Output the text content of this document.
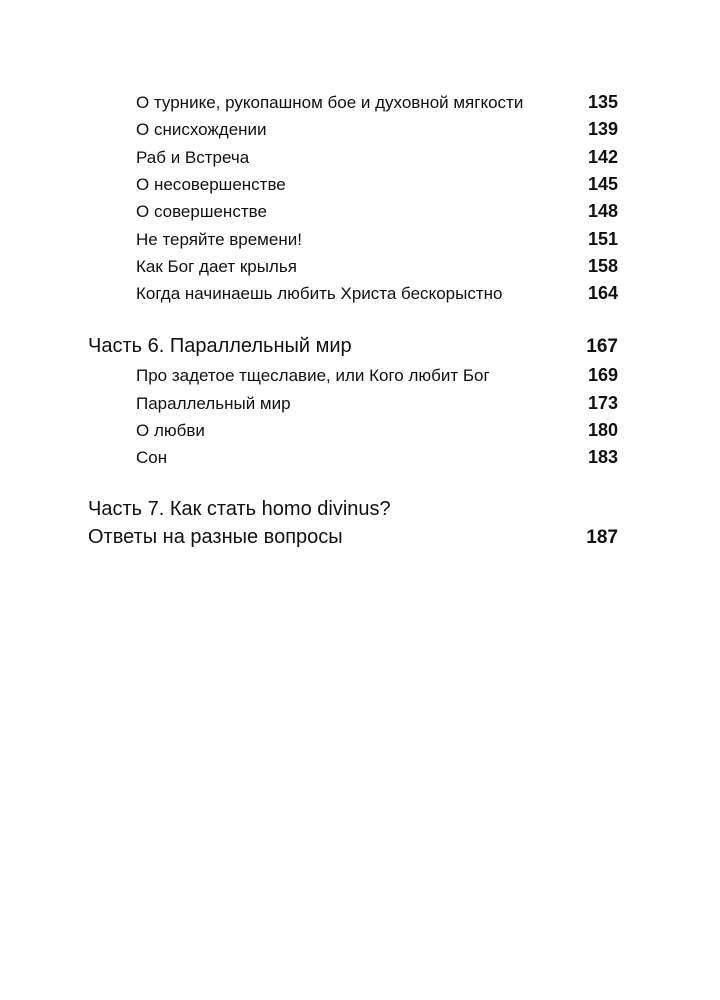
О турнике, рукопашном бое и духовной мягкости	135
О снисхождении	139
Раб и Встреча	142
О несовершенстве	145
О совершенстве	148
Не теряйте времени!	151
Как Бог дает крылья	158
Когда начинаешь любить Христа бескорыстно	164
Часть 6. Параллельный мир	167
Про задетое тщеславие, или Кого любит Бог	169
Параллельный мир	173
О любви	180
Сон	183
Часть 7. Как стать homo divinus?
Ответы на разные вопросы	187
